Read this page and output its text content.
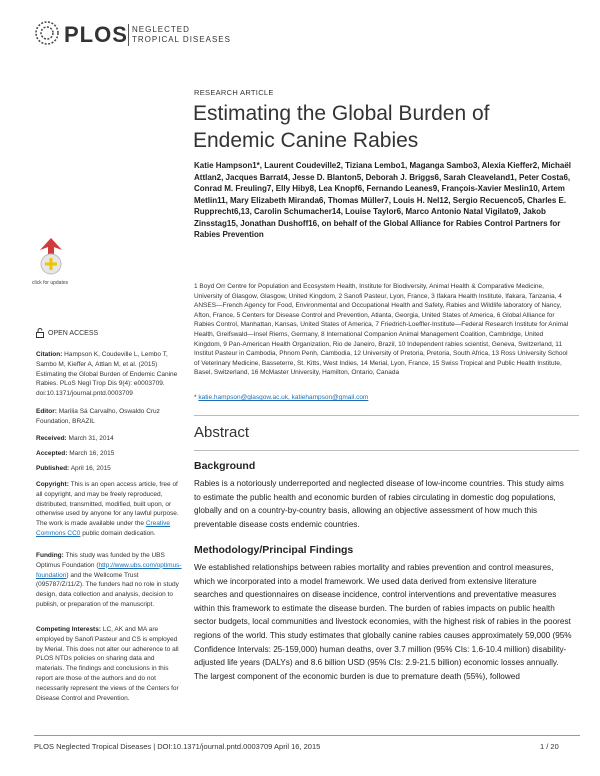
PLOS NEGLECTED
TROPICAL DISEASES
RESEARCH ARTICLE
Estimating the Global Burden of Endemic Canine Rabies
Katie Hampson1*, Laurent Coudeville2, Tiziana Lembo1, Maganga Sambo3, Alexia Kieffer2, Michaël Attlan2, Jacques Barrat4, Jesse D. Blanton5, Deborah J. Briggs6, Sarah Cleaveland1, Peter Costa6, Conrad M. Freuling7, Elly Hiby8, Lea Knopf6, Fernando Leanes9, François-Xavier Meslin10, Artem Metlin11, Mary Elizabeth Miranda6, Thomas Müller7, Louis H. Nel12, Sergio Recuenco5, Charles E. Rupprecht6,13, Carolin Schumacher14, Louise Taylor6, Marco Antonio Natal Vigilato9, Jakob Zinsstag15, Jonathan Dushoff16, on behalf of the Global Alliance for Rabies Control Partners for Rabies Prevention
1 Boyd Orr Centre for Population and Ecosystem Health, Institute for Biodiversity, Animal Health & Comparative Medicine, University of Glasgow, Glasgow, United Kingdom, 2 Sanofi Pasteur, Lyon, France, 3 Ifakara Health Institute, Ifakara, Tanzania, 4 ANSES—French Agency for Food, Environmental and Occupational Health and Safety, Rabies and Wildlife laboratory of Nancy, Afton, France, 5 Centers for Disease Control and Prevention, Atlanta, Georgia, United States of America, 6 Global Alliance for Rabies Control, Manhattan, Kansas, United States of America, 7 Friedrich-Loeffler-Institute—Federal Research Institute for Animal Health, Greifswald—Insel Riems, Germany, 8 International Companion Animal Management Coalition, Cambridge, United Kingdom, 9 Pan-American Health Organization, Rio de Janeiro, Brazil, 10 Independent rabies scientist, Geneva, Switzerland, 11 Institut Pasteur in Cambodia, Phnom Penh, Cambodia, 12 University of Pretoria, Pretoria, South Africa, 13 Ross University School of Veterinary Medicine, Basseterre, St. Kitts, West Indies, 14 Merial, Lyon, France, 15 Swiss Tropical and Public Health Institute, Basel, Switzerland, 16 McMaster University, Hamilton, Ontario, Canada
* katie.hampson@glasgow.ac.uk, katiehampson@gmail.com
Abstract
Background
Rabies is a notoriously underreported and neglected disease of low-income countries. This study aims to estimate the public health and economic burden of rabies circulating in domestic dog populations, globally and on a country-by-country basis, allowing an objective assessment of how much this preventable disease costs endemic countries.
Methodology/Principal Findings
We established relationships between rabies mortality and rabies prevention and control measures, which we incorporated into a model framework. We used data derived from extensive literature searches and questionnaires on disease incidence, control interventions and preventative measures within this framework to estimate the disease burden. The burden of rabies impacts on public health sector budgets, local communities and livestock economies, with the highest risk of rabies in the poorest regions of the world. This study estimates that globally canine rabies causes approximately 59,000 (95% Confidence Intervals: 25-159,000) human deaths, over 3.7 million (95% CIs: 1.6-10.4 million) disability-adjusted life years (DALYs) and 8.6 billion USD (95% CIs: 2.9-21.5 billion) economic losses annually. The largest component of the economic burden is due to premature death (55%), followed
click for updates
OPEN ACCESS
Citation: Hampson K, Coudeville L, Lembo T, Sambo M, Kieffer A, Attlan M, et al. (2015) Estimating the Global Burden of Endemic Canine Rabies. PLoS Negl Trop Dis 9(4): e0003709. doi:10.1371/journal.pntd.0003709
Editor: Marilia Sá Carvalho, Oswaldo Cruz Foundation, BRAZIL
Received: March 31, 2014
Accepted: March 16, 2015
Published: April 16, 2015
Copyright: This is an open access article, free of all copyright, and may be freely reproduced, distributed, transmitted, modified, built upon, or otherwise used by anyone for any lawful purpose. The work is made available under the Creative Commons CC0 public domain dedication.
Funding: This study was funded by the UBS Optimus Foundation (http://www.ubs.com/optimus-foundation) and the Wellcome Trust (095787/Z/11/Z). The funders had no role in study design, data collection and analysis, decision to publish, or preparation of the manuscript.
Competing Interests: LC, AK and MA are employed by Sanofi Pasteur and CS is employed by Merial. This does not alter our adherence to all PLOS NTDs policies on sharing data and materials. The findings and conclusions in this report are those of the authors and do not necessarily represent the views of the Centers for Disease Control and Prevention.
PLOS Neglected Tropical Diseases | DOI:10.1371/journal.pntd.0003709 April 16, 2015	1 / 20
